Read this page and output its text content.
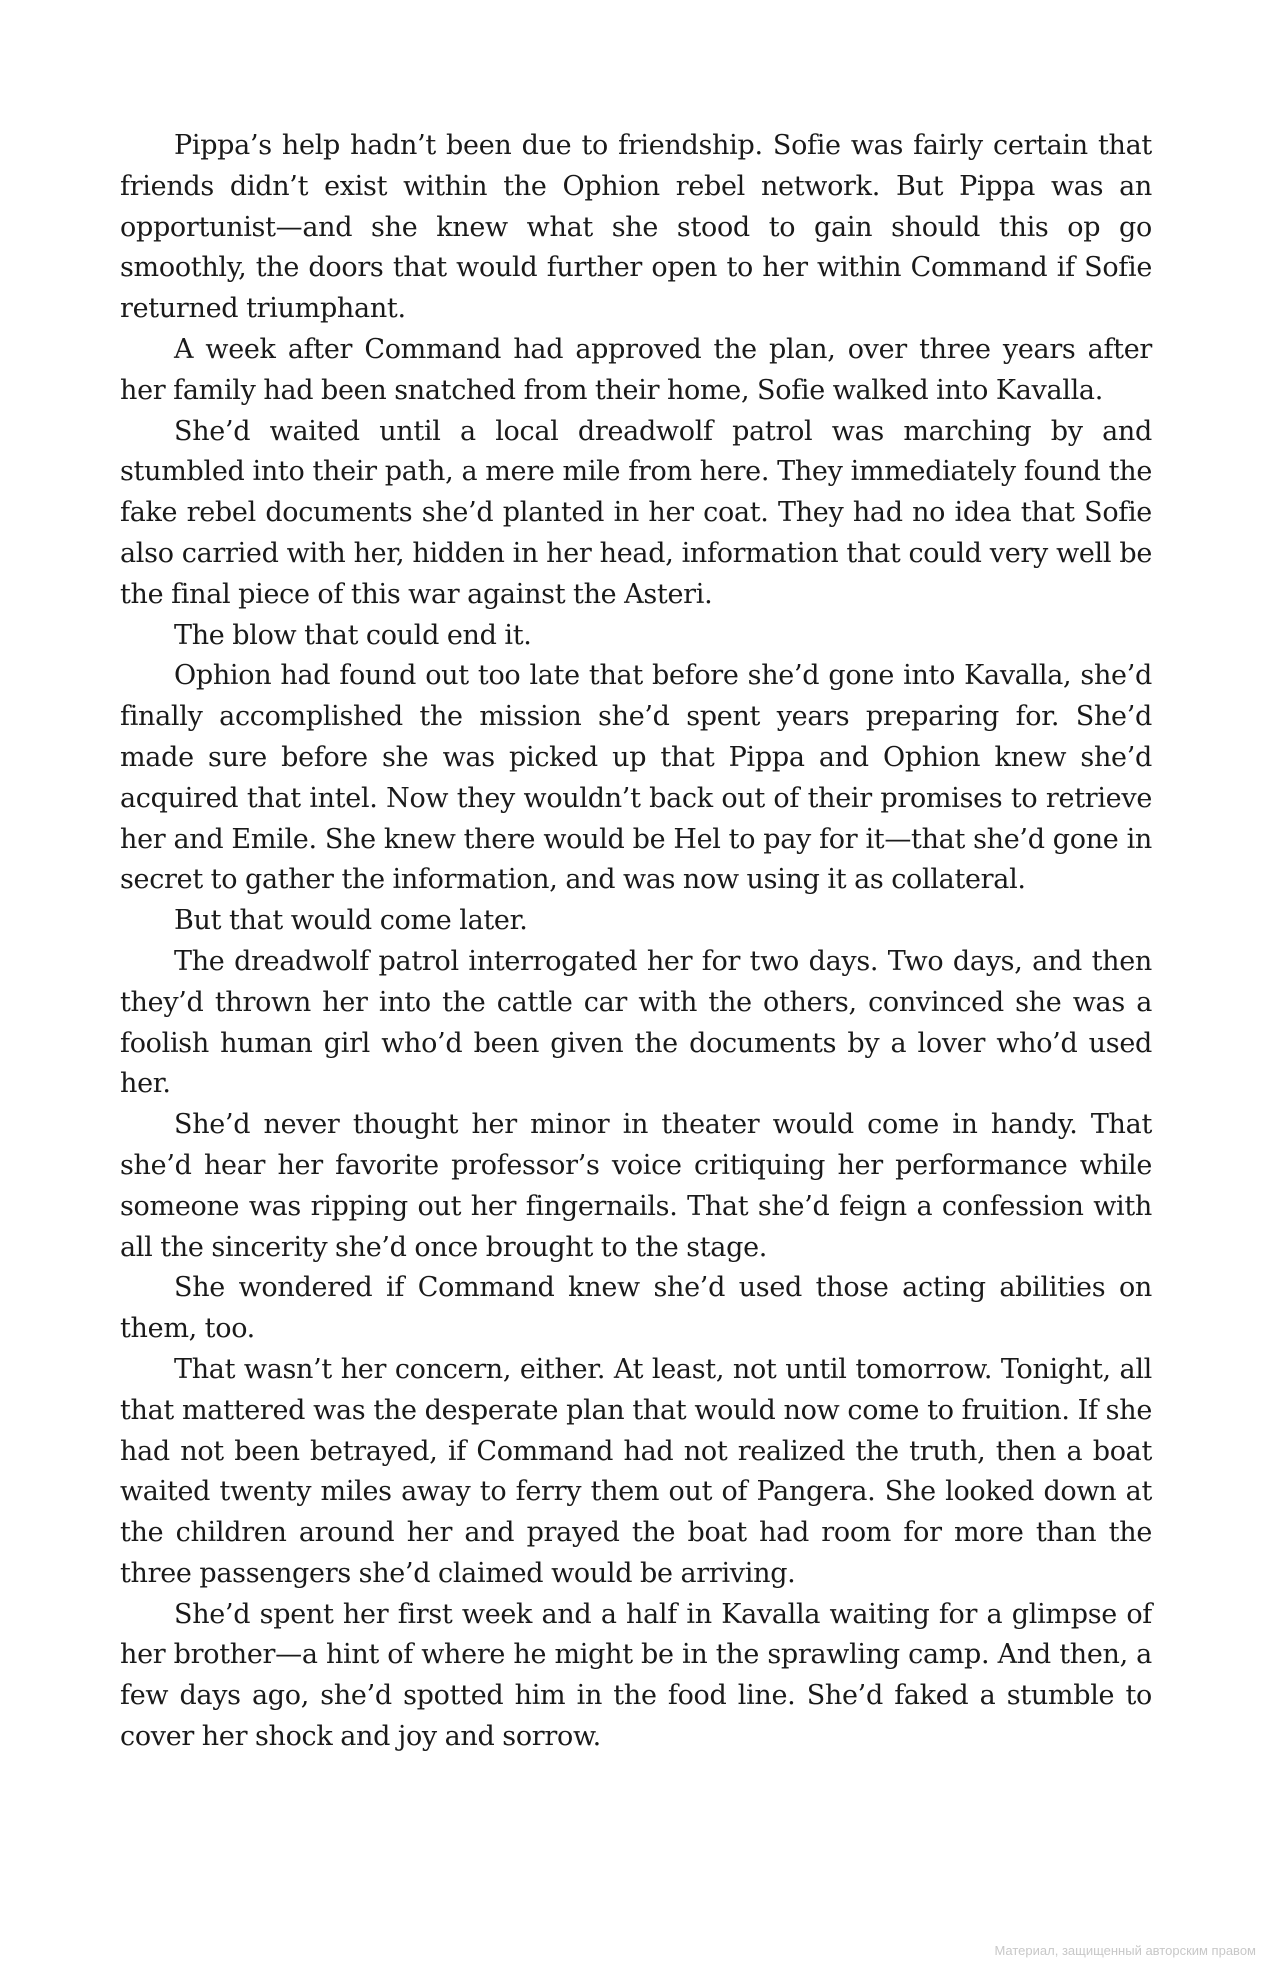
Pippa’s help hadn’t been due to friendship. Sofie was fairly certain that friends didn’t exist within the Ophion rebel network. But Pippa was an opportunist—and she knew what she stood to gain should this op go smoothly, the doors that would further open to her within Command if Sofie returned triumphant.

A week after Command had approved the plan, over three years after her family had been snatched from their home, Sofie walked into Kavalla.

She’d waited until a local dreadwolf patrol was marching by and stumbled into their path, a mere mile from here. They immediately found the fake rebel documents she’d planted in her coat. They had no idea that Sofie also carried with her, hidden in her head, information that could very well be the final piece of this war against the Asteri.

The blow that could end it.

Ophion had found out too late that before she’d gone into Kavalla, she’d finally accomplished the mission she’d spent years preparing for. She’d made sure before she was picked up that Pippa and Ophion knew she’d acquired that intel. Now they wouldn’t back out of their promises to retrieve her and Emile. She knew there would be Hel to pay for it—that she’d gone in secret to gather the information, and was now using it as collateral.

But that would come later.

The dreadwolf patrol interrogated her for two days. Two days, and then they’d thrown her into the cattle car with the others, convinced she was a foolish human girl who’d been given the documents by a lover who’d used her.

She’d never thought her minor in theater would come in handy. That she’d hear her favorite professor’s voice critiquing her performance while someone was ripping out her fingernails. That she’d feign a confession with all the sincerity she’d once brought to the stage.

She wondered if Command knew she’d used those acting abilities on them, too.

That wasn’t her concern, either. At least, not until tomorrow. Tonight, all that mattered was the desperate plan that would now come to fruition. If she had not been betrayed, if Command had not realized the truth, then a boat waited twenty miles away to ferry them out of Pangera. She looked down at the children around her and prayed the boat had room for more than the three passengers she’d claimed would be arriving.

She’d spent her first week and a half in Kavalla waiting for a glimpse of her brother—a hint of where he might be in the sprawling camp. And then, a few days ago, she’d spotted him in the food line. She’d faked a stumble to cover her shock and joy and sorrow.

Материал, защищенный авторским правом
